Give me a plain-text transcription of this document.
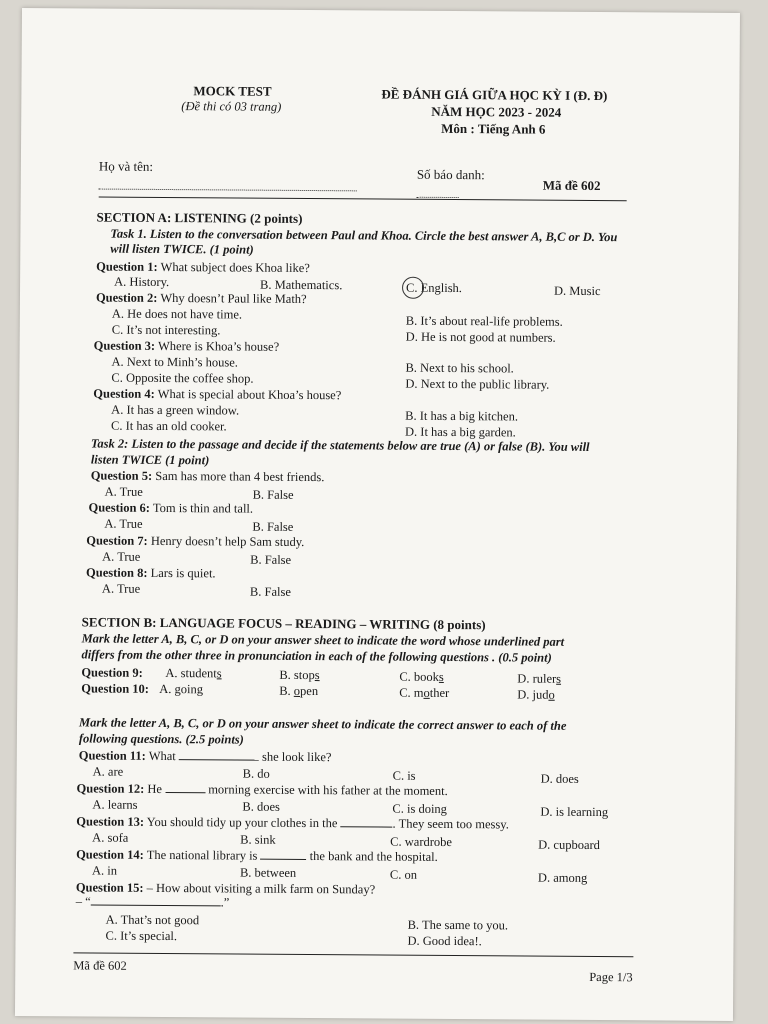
MOCK TEST
(Đề thi có 03 trang)
ĐỀ ĐÁNH GIÁ GIỮA HỌC KỲ I (Đ. Đ)
NĂM HỌC 2023 - 2024
Môn : Tiếng Anh 6
Họ và tên:
Số báo danh:
Mã đề 602
SECTION A: LISTENING (2 points)
Task 1. Listen to the conversation between Paul and Khoa. Circle the best answer A, B,C or D. You
will listen TWICE. (1 point)
Question 1: What subject does Khoa like?
A. History.	B. Mathematics.	C. English.	D. Music
Question 2: Why doesn’t Paul like Math?
A. He does not have time.	B. It’s about real-life problems.
C. It’s not interesting.	D. He is not good at numbers.
Question 3: Where is Khoa’s house?
A. Next to Minh’s house.	B. Next to his school.
C. Opposite the coffee shop.	D. Next to the public library.
Question 4: What is special about Khoa’s house?
A. It has a green window.	B. It has a big kitchen.
C. It has an old cooker.	D. It has a big garden.
Task 2: Listen to the passage and decide if the statements below are true (A) or false (B). You will
listen TWICE (1 point)
Question 5: Sam has more than 4 best friends.
A. True	B. False
Question 6: Tom is thin and tall.
A. True	B. False
Question 7: Henry doesn’t help Sam study.
A. True	B. False
Question 8: Lars is quiet.
A. True	B. False
SECTION B: LANGUAGE FOCUS – READING – WRITING (8 points)
Mark the letter A, B, C, or D on your answer sheet to indicate the word whose underlined part
differs from the other three in pronunciation in each of the following questions . (0.5 point)
Question 9: A. students	B. stops	C. books	D. rulers
Question 10: A. going	B. open	C. mother	D. judo
Mark the letter A, B, C, or D on your answer sheet to indicate the correct answer to each of the
following questions. (2.5 points)
Question 11: What	she look like?
A. are	B. do	C. is	D. does
Question 12: He	morning exercise with his father at the moment.
A. learns	B. does	C. is doing	D. is learning
Question 13: You should tidy up your clothes in the	. They seem too messy.
A. sofa	B. sink	C. wardrobe	D. cupboard
Question 14: The national library is	the bank and the hospital.
A. in	B. between	C. on	D. among
Question 15: – How about visiting a milk farm on Sunday?
– “	.”
A. That’s not good	B. The same to you.
C. It’s special.	D. Good idea!.
Mã đề 602
Page 1/3
